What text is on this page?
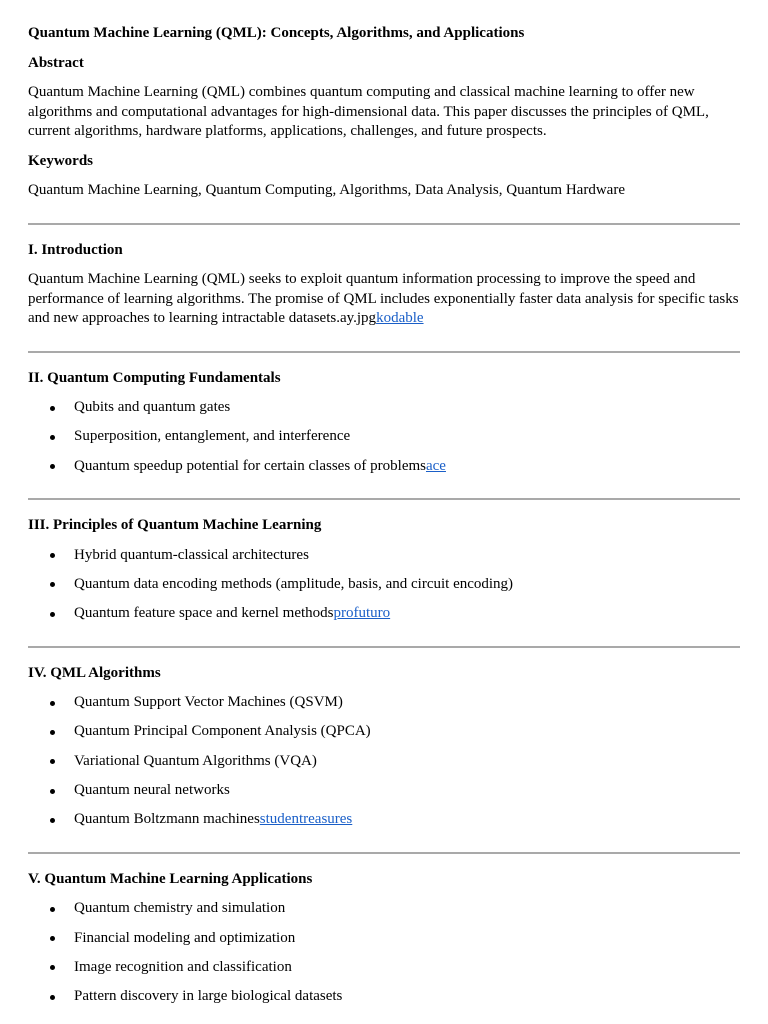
Quantum Machine Learning (QML): Concepts, Algorithms, and Applications
Abstract

Quantum Machine Learning (QML) combines quantum computing and classical machine learning to offer new algorithms and computational advantages for high-dimensional data. This paper discusses the principles of QML, current algorithms, hardware platforms, applications, challenges, and future prospects.

Keywords

Quantum Machine Learning, Quantum Computing, Algorithms, Data Analysis, Quantum Hardware

I. Introduction

Quantum Machine Learning (QML) seeks to exploit quantum information processing to improve the speed and performance of learning algorithms. The promise of QML includes exponentially faster data analysis for specific tasks and new approaches to learning intractable datasets.ay.jpgkodable

II. Quantum Computing Fundamentals
Qubits and quantum gates
Superposition, entanglement, and interference
Quantum speedup potential for certain classes of problemsace
III. Principles of Quantum Machine Learning
Hybrid quantum-classical architectures
Quantum data encoding methods (amplitude, basis, and circuit encoding)
Quantum feature space and kernel methodsprofuturo
IV. QML Algorithms
Quantum Support Vector Machines (QSVM)
Quantum Principal Component Analysis (QPCA)
Variational Quantum Algorithms (VQA)
Quantum neural networks
Quantum Boltzmann machinesstudentreasures
V. Quantum Machine Learning Applications
Quantum chemistry and simulation
Financial modeling and optimization
Image recognition and classification
Pattern discovery in large biological datasets
